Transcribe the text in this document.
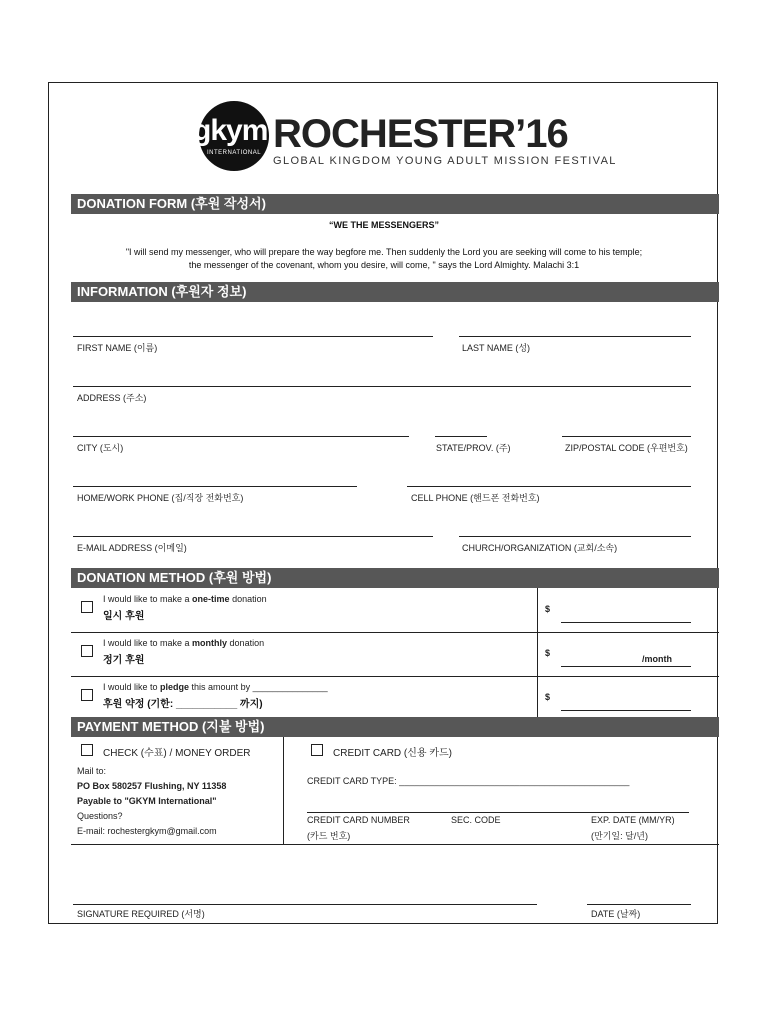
gkym
INTERNATIONAL ROCHESTER’16
GLOBAL KINGDOM YOUNG ADULT MISSION FESTIVAL
DONATION FORM (후원 작성서)
“WE THE MESSENGERS”
"I will send my messenger, who will prepare the way begfore me. Then suddenly the Lord you are seeking will come to his temple;
the messenger of the covenant, whom you desire, will come, " says the Lord Almighty. Malachi 3:1
INFORMATION (후원자 정보)
FIRST NAME (이름)	LAST NAME (성)
ADDRESS (주소)
CITY (도시)	STATE/PROV. (주)	ZIP/POSTAL CODE (우편번호)
HOME/WORK PHONE (집/직장 전화번호)	CELL PHONE (핸드폰 전화번호)
E-MAIL ADDRESS (이메일)	CHURCH/ORGANIZATION (교회/소속)
DONATION METHOD (후원 방법)
I would like to make a one-time donation
일시 후원
$
I would like to make a monthly donation
정기 후원
$
/month
I would like to pledge this amount by _______________
후원 약정 (기한: ___________ 까지)
$
PAYMENT METHOD (지불 방법)
CHECK (수표) / MONEY ORDER
Mail to:
PO Box 580257 Flushing, NY 11358
Payable to "GKYM International"
Questions?
E-mail: rochestergkym@gmail.com
CREDIT CARD (신용 카드)
CREDIT CARD TYPE: ______________________________________________
CREDIT CARD NUMBER
(카드 번호)
SEC. CODE	EXP. DATE (MM/YR)
(만기일: 달/년)
SIGNATURE REQUIRED (서명)	DATE (날짜)
